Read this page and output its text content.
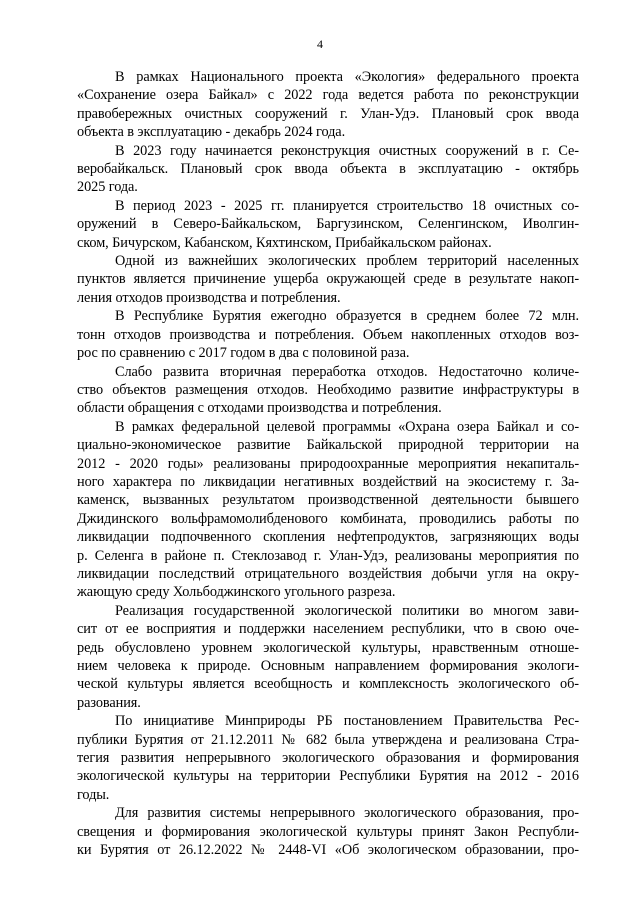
4

В рамках Национального проекта «Экология» федерального проекта
«Сохранение озера Байкал» с 2022 года ведется работа по реконструкции
правобережных очистных сооружений г. Улан-Удэ. Плановый срок ввода
объекта в эксплуатацию - декабрь 2024 года.

В 2023 году начинается реконструкция очистных сооружений в г. Се-
веробайкальск. Плановый срок ввода объекта в эксплуатацию - октябрь
2025 года.

В период 2023 - 2025 гг. планируется строительство 18 очистных со-
оружений в Северо-Байкальском, Баргузинском, Селенгинском, Иволгин-
ском, Бичурском, Кабанском, Кяхтинском, Прибайкальском районах.

Одной из важнейших экологических проблем территорий населенных
пунктов является причинение ущерба окружающей среде в результате накоп-
ления отходов производства и потребления.

В Республике Бурятия ежегодно образуется в среднем более 72 млн.
тонн отходов производства и потребления. Объем накопленных отходов воз-
рос по сравнению с 2017 годом в два с половиной раза.

Слабо развита вторичная переработка отходов. Недостаточно количе-
ство объектов размещения отходов. Необходимо развитие инфраструктуры в
области обращения с отходами производства и потребления.

В рамках федеральной целевой программы «Охрана озера Байкал и со-
циально-экономическое развитие Байкальской природной территории на
2012 - 2020 годы» реализованы природоохранные мероприятия некапиталь-
ного характера по ликвидации негативных воздействий на экосистему г. За-
каменск, вызванных результатом производственной деятельности бывшего
Джидинского вольфрамомолибденового комбината, проводились работы по
ликвидации подпочвенного скопления нефтепродуктов, загрязняющих воды
р. Селенга в районе п. Стеклозавод г. Улан-Удэ, реализованы мероприятия по
ликвидации последствий отрицательного воздействия добычи угля на окру-
жающую среду Хольбоджинского угольного разреза.

Реализация государственной экологической политики во многом зави-
сит от ее восприятия и поддержки населением республики, что в свою оче-
редь обусловлено уровнем экологической культуры, нравственным отноше-
нием человека к природе. Основным направлением формирования экологи-
ческой культуры является всеобщность и комплексность экологического об-
разования.

По инициативе Минприроды РБ постановлением Правительства Рес-
публики Бурятия от 21.12.2011 № 682 была утверждена и реализована Стра-
тегия развития непрерывного экологического образования и формирования
экологической культуры на территории Республики Бурятия на 2012 - 2016
годы.

Для развития системы непрерывного экологического образования, про-
свещения и формирования экологической культуры принят Закон Республи-
ки Бурятия от 26.12.2022 № 2448-VI «Об экологическом образовании, про-
